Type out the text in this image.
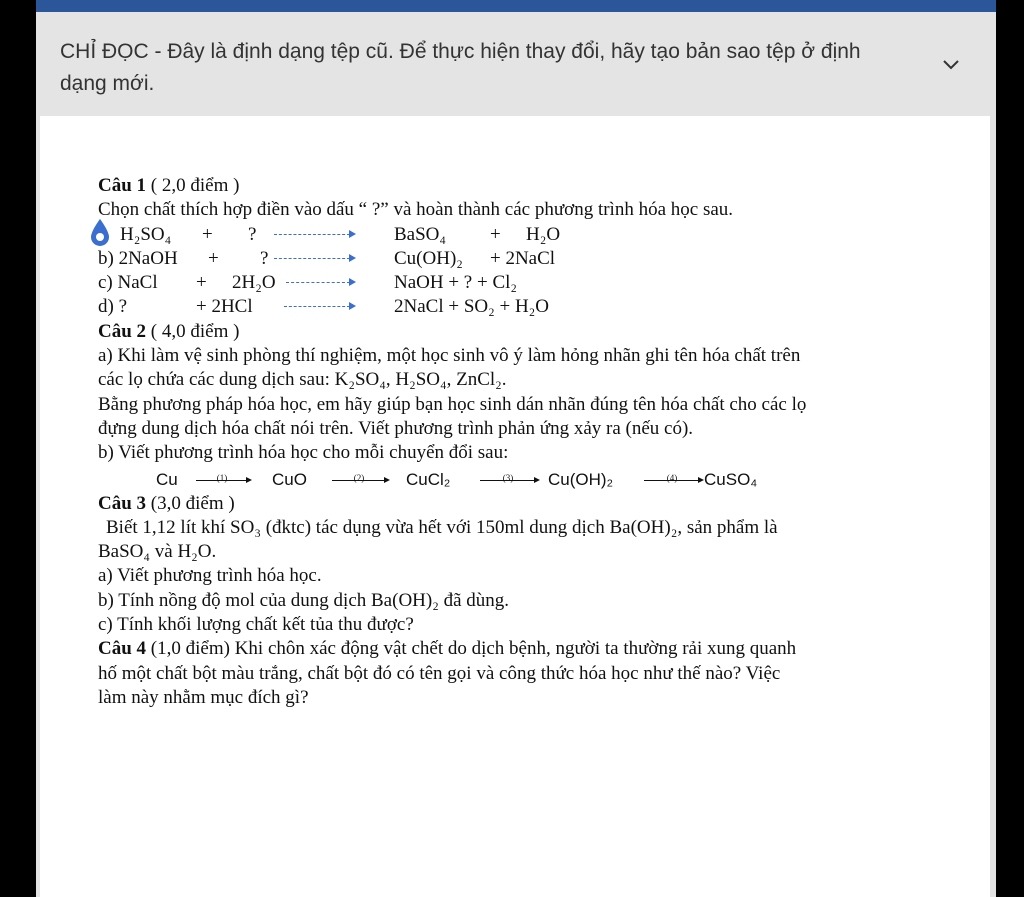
CHỈ ĐỌC - Đây là định dạng tệp cũ. Để thực hiện thay đổi, hãy tạo bản sao tệp ở định dạng mới.
Câu 1 ( 2,0 điểm )
Chọn chất thích hợp điền vào dấu “ ?” và hoàn thành các phương trình hóa học sau.
H₂SO₄ + ?	BaSO₄ + H₂O
b) 2NaOH + ?	Cu(OH)₂ + 2NaCl
c) NaCl + 2H₂O	NaOH + ? + Cl₂
d) ?	+ 2HCl	2NaCl + SO₂ + H₂O
Câu 2 ( 4,0 điểm )
a) Khi làm vệ sinh phòng thí nghiệm, một học sinh vô ý làm hỏng nhãn ghi tên hóa chất trên
các lọ chứa các dung dịch sau: K₂SO₄, H₂SO₄, ZnCl₂.
Bằng phương pháp hóa học, em hãy giúp bạn học sinh dán nhãn đúng tên hóa chất cho các lọ
đựng dung dịch hóa chất nói trên. Viết phương trình phản ứng xảy ra (nếu có).
b) Viết phương trình hóa học cho mỗi chuyển đổi sau:
Cu	(1)	CuO	(2)	CuCl₂	(3)	Cu(OH)₂	(4)	CuSO₄
Câu 3 (3,0 điểm )
Biết 1,12 lít khí SO₃ (đktc) tác dụng vừa hết với 150ml dung dịch Ba(OH)₂, sản phẩm là
BaSO₄ và H₂O.
a) Viết phương trình hóa học.
b) Tính nồng độ mol của dung dịch Ba(OH)₂ đã dùng.
c) Tính khối lượng chất kết tủa thu được?
Câu 4 (1,0 điểm) Khi chôn xác động vật chết do dịch bệnh, người ta thường rải xung quanh
hố một chất bột màu trắng, chất bột đó có tên gọi và công thức hóa học như thế nào? Việc
làm này nhằm mục đích gì?
